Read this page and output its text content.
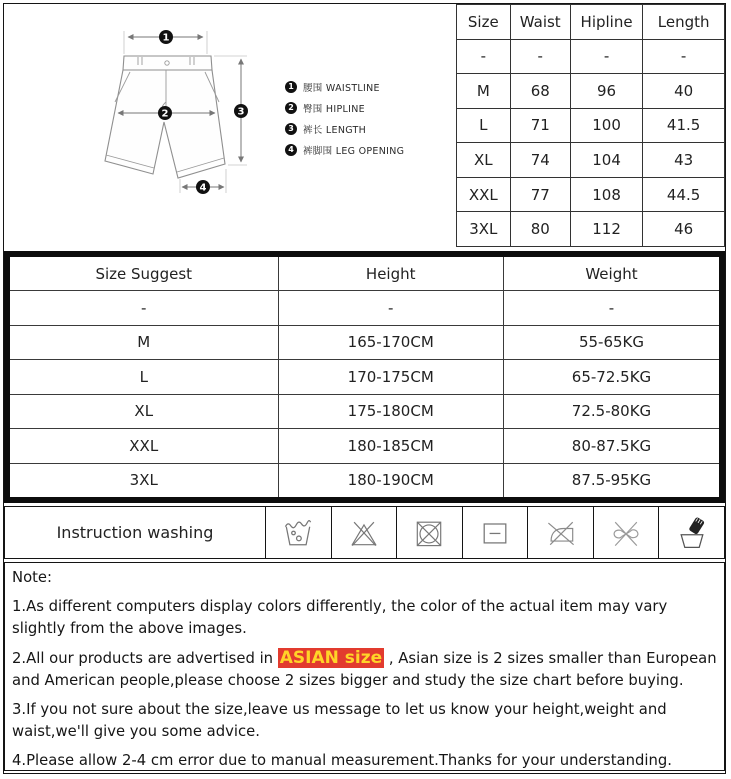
1
2	3
4
1 腰围 WAISTLINE
2 臀围 HIPLINE
3 裤长 LENGTH
4 裤脚围 LEG OPENING
Size	Waist	Hipline	Length
-	-	-	-
M	68	96	40
L	71	100	41.5
XL	74	104	43
XXL	77	108	44.5
3XL	80	112	46
Size Suggest	Height	Weight
-	-	-
M	165-170CM	55-65KG
L	170-175CM	65-72.5KG
XL	175-180CM	72.5-80KG
XXL	180-185CM	80-87.5KG
3XL	180-190CM	87.5-95KG
Instruction washing

Note:

1.As different computers display colors differently, the color of the actual item may vary slightly from the above images.

2.All our products are advertised in ASIAN size , Asian size is 2 sizes smaller than European and American people,please choose 2 sizes bigger and study the size chart before buying.

3.If you not sure about the size,leave us message to let us know your height,weight and waist,we'll give you some advice.

4.Please allow 2-4 cm error due to manual measurement.Thanks for your understanding.
